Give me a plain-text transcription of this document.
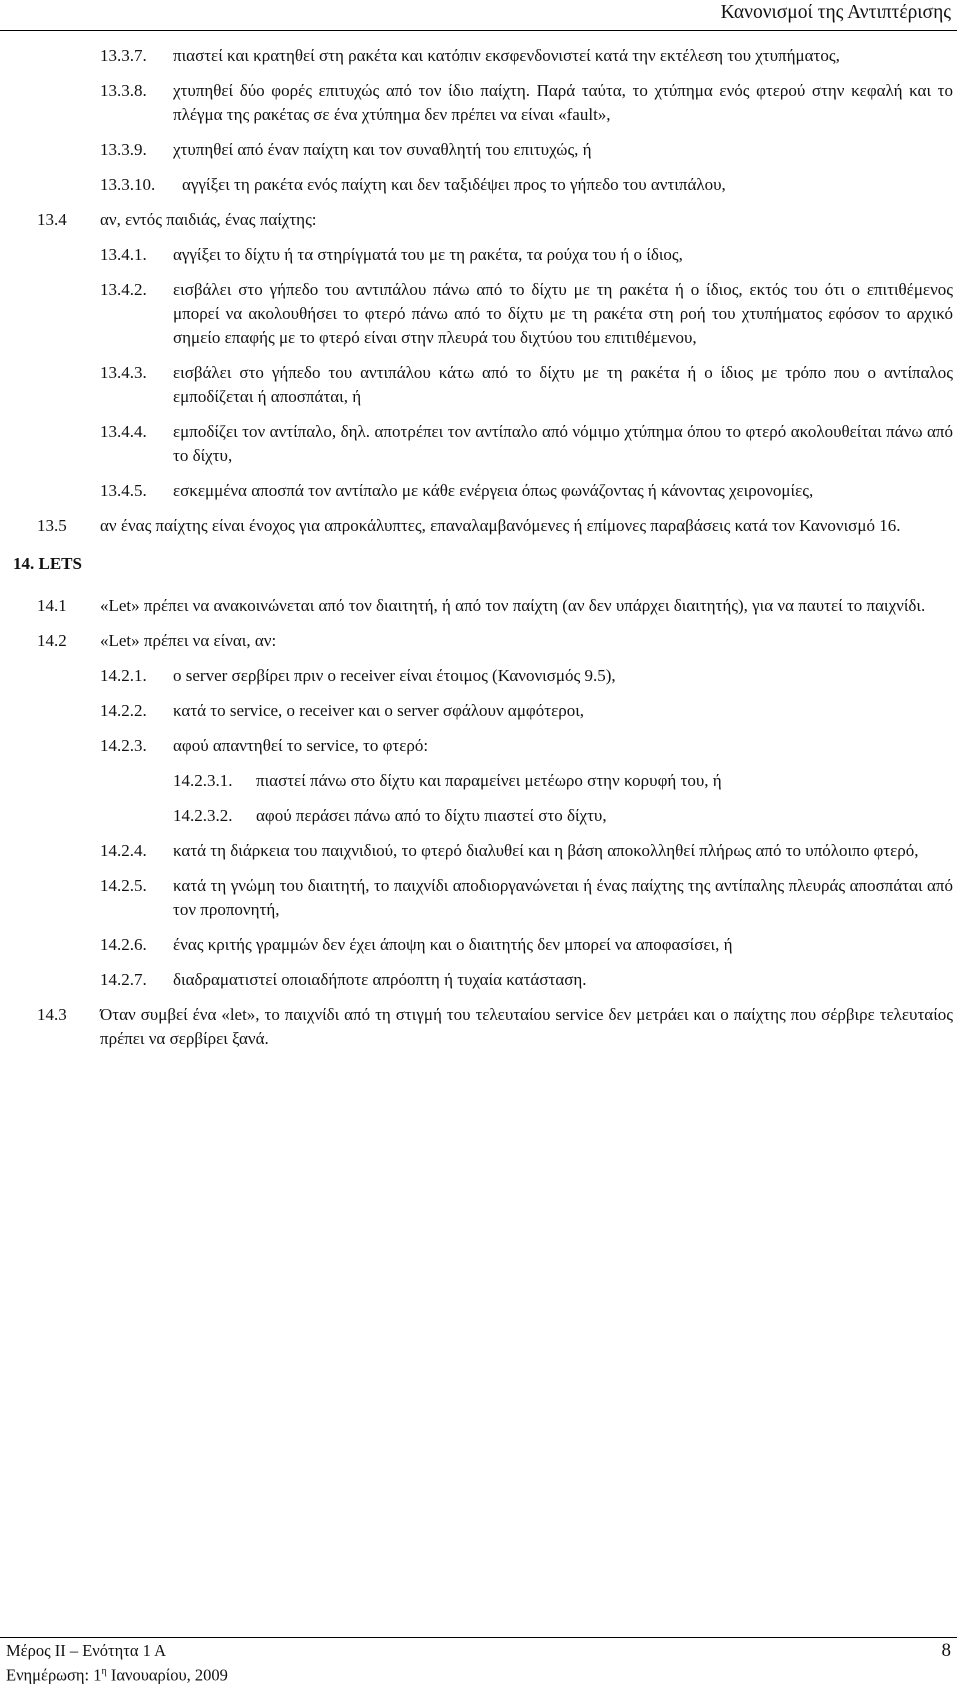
Κανονισμοί της Αντιπτέρισης
13.3.7.	πιαστεί και κρατηθεί στη ρακέτα και κατόπιν εκσφενδονιστεί κατά την εκτέλεση του χτυπήματος,
13.3.8.	χτυπηθεί δύο φορές επιτυχώς από τον ίδιο παίχτη. Παρά ταύτα, το χτύπημα ενός φτερού στην κεφαλή και το πλέγμα της ρακέτας σε ένα χτύπημα δεν πρέπει να είναι «fault»,
13.3.9.	χτυπηθεί από έναν παίχτη και τον συναθλητή του επιτυχώς, ή
13.3.10.	αγγίξει τη ρακέτα ενός παίχτη και δεν ταξιδέψει προς το γήπεδο του αντιπάλου,
13.4	αν, εντός παιδιάς, ένας παίχτης:
13.4.1.	αγγίξει το δίχτυ ή τα στηρίγματά του με τη ρακέτα, τα ρούχα του ή ο ίδιος,
13.4.2.	εισβάλει στο γήπεδο του αντιπάλου πάνω από το δίχτυ με τη ρακέτα ή ο ίδιος, εκτός του ότι ο επιτιθέμενος μπορεί να ακολουθήσει το φτερό πάνω από το δίχτυ με τη ρακέτα στη ροή του χτυπήματος εφόσον το αρχικό σημείο επαφής με το φτερό είναι στην πλευρά του διχτύου του επιτιθέμενου,
13.4.3.	εισβάλει στο γήπεδο του αντιπάλου κάτω από το δίχτυ με τη ρακέτα ή ο ίδιος με τρόπο που ο αντίπαλος εμποδίζεται ή αποσπάται, ή
13.4.4.	εμποδίζει τον αντίπαλο, δηλ. αποτρέπει τον αντίπαλο από νόμιμο χτύπημα όπου το φτερό ακολουθείται πάνω από το δίχτυ,
13.4.5.	εσκεμμένα αποσπά τον αντίπαλο με κάθε ενέργεια όπως φωνάζοντας ή κάνοντας χειρονομίες,
13.5	αν ένας παίχτης είναι ένοχος για απροκάλυπτες, επαναλαμβανόμενες ή επίμονες παραβάσεις κατά τον Κανονισμό 16.
14. LETS
14.1	«Let» πρέπει να ανακοινώνεται από τον διαιτητή, ή από τον παίχτη (αν δεν υπάρχει διαιτητής), για να παυτεί το παιχνίδι.
14.2	«Let» πρέπει να είναι, αν:
14.2.1.	ο server σερβίρει πριν ο receiver είναι έτοιμος (Κανονισμός 9.5),
14.2.2.	κατά το service, ο receiver και ο server σφάλουν αμφότεροι,
14.2.3.	αφού απαντηθεί το service, το φτερό:
14.2.3.1.	πιαστεί πάνω στο δίχτυ και παραμείνει μετέωρο στην κορυφή του, ή
14.2.3.2.	αφού περάσει πάνω από το δίχτυ πιαστεί στο δίχτυ,
14.2.4.	κατά τη διάρκεια του παιχνιδιού, το φτερό διαλυθεί και η βάση αποκολληθεί πλήρως από το υπόλοιπο φτερό,
14.2.5.	κατά τη γνώμη του διαιτητή, το παιχνίδι αποδιοργανώνεται ή ένας παίχτης της αντίπαλης πλευράς αποσπάται από τον προπονητή,
14.2.6.	ένας κριτής γραμμών δεν έχει άποψη και ο διαιτητής δεν μπορεί να αποφασίσει, ή
14.2.7.	διαδραματιστεί οποιαδήποτε απρόοπτη ή τυχαία κατάσταση.
14.3	Όταν συμβεί ένα «let», το παιχνίδι από τη στιγμή του τελευταίου service δεν μετράει και ο παίχτης που σέρβιρε τελευταίος πρέπει να σερβίρει ξανά.
Μέρος ΙΙ – Ενότητα 1 Α
Ενημέρωση: $1^\eta$ Ιανουαρίου, 2009
8
